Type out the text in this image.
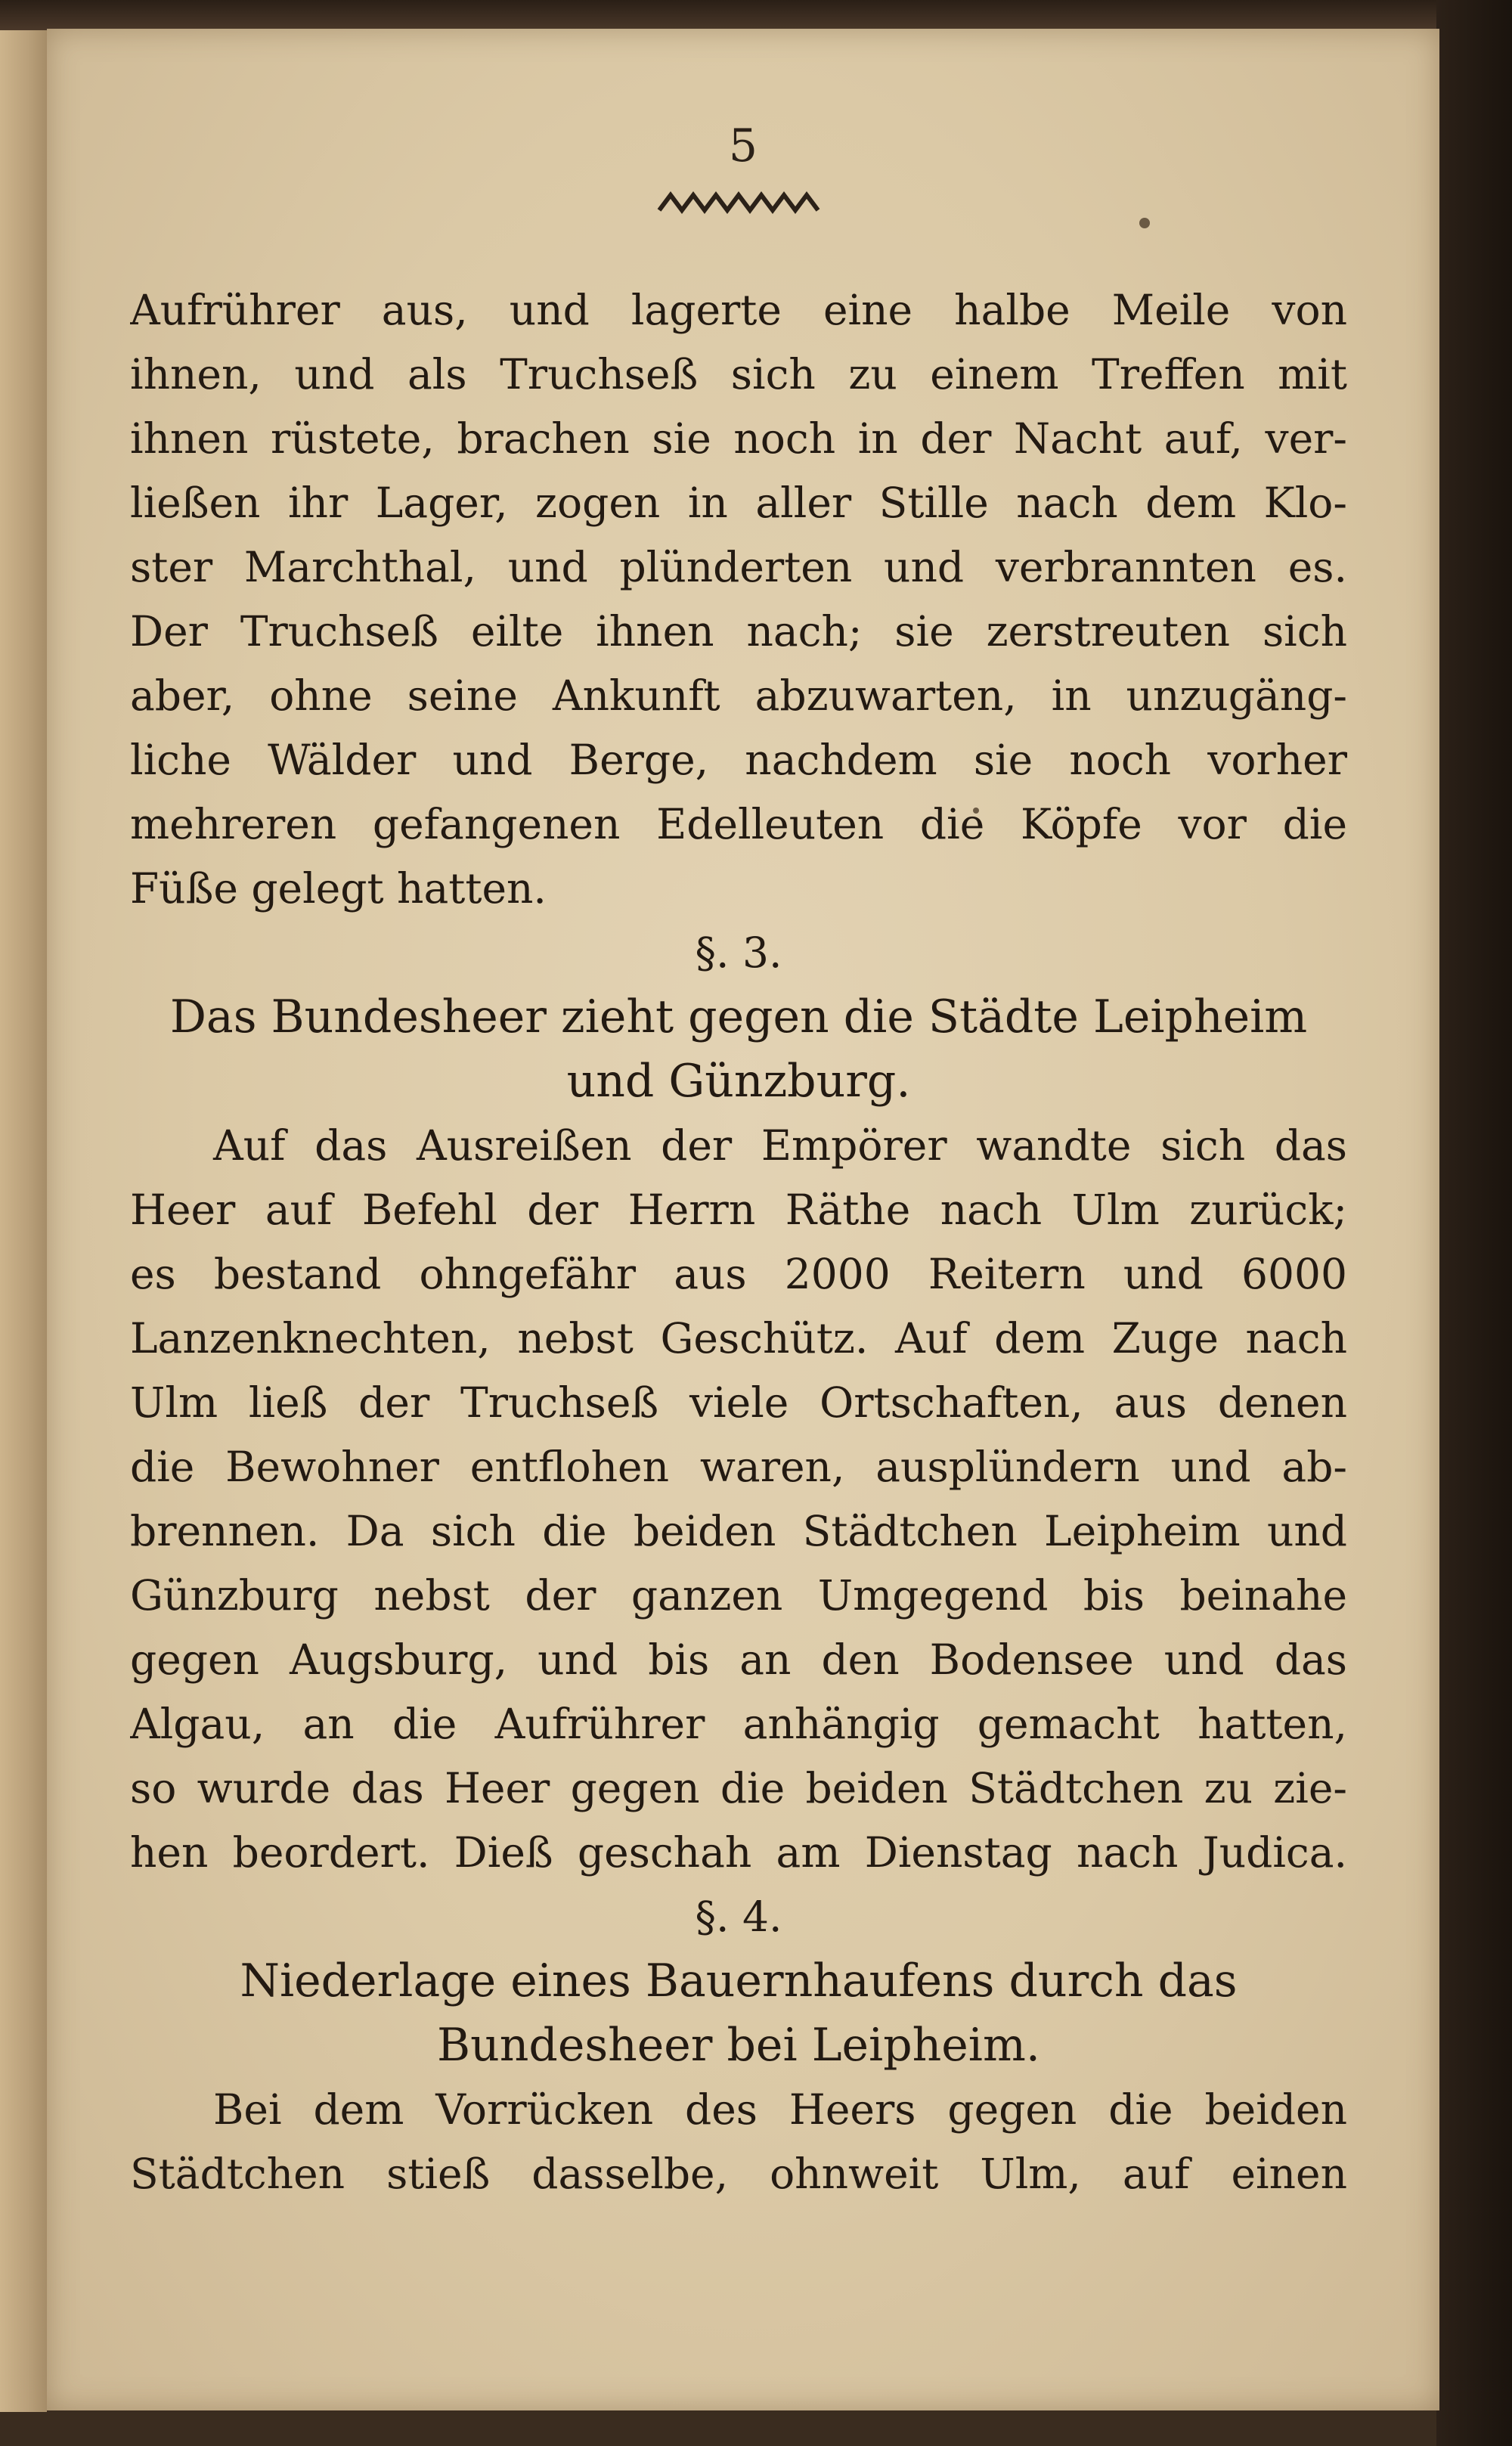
5
Aufrührer aus, und lagerte eine halbe Meile von
ihnen, und als Truchseß sich zu einem Treffen mit
ihnen rüstete, brachen sie noch in der Nacht auf, ver-
ließen ihr Lager, zogen in aller Stille nach dem Klo-
ster Marchthal, und plünderten und verbrannten es.
Der Truchseß eilte ihnen nach; sie zerstreuten sich
aber, ohne seine Ankunft abzuwarten, in unzugäng-
liche Wälder und Berge, nachdem sie noch vorher
mehreren gefangenen Edelleuten die Köpfe vor die
Füße gelegt hatten.
§. 3.
Das Bundesheer zieht gegen die Städte Leipheim
und Günzburg.
Auf das Ausreißen der Empörer wandte sich das
Heer auf Befehl der Herrn Räthe nach Ulm zurück;
es bestand ohngefähr aus 2000 Reitern und 6000
Lanzenknechten, nebst Geschütz. Auf dem Zuge nach
Ulm ließ der Truchseß viele Ortschaften, aus denen
die Bewohner entflohen waren, ausplündern und ab-
brennen. Da sich die beiden Städtchen Leipheim und
Günzburg nebst der ganzen Umgegend bis beinahe
gegen Augsburg, und bis an den Bodensee und das
Algau, an die Aufrührer anhängig gemacht hatten,
so wurde das Heer gegen die beiden Städtchen zu zie-
hen beordert. Dieß geschah am Dienstag nach Judica.
§. 4.
Niederlage eines Bauernhaufens durch das
Bundesheer bei Leipheim.
Bei dem Vorrücken des Heers gegen die beiden
Städtchen stieß dasselbe, ohnweit Ulm, auf einen
